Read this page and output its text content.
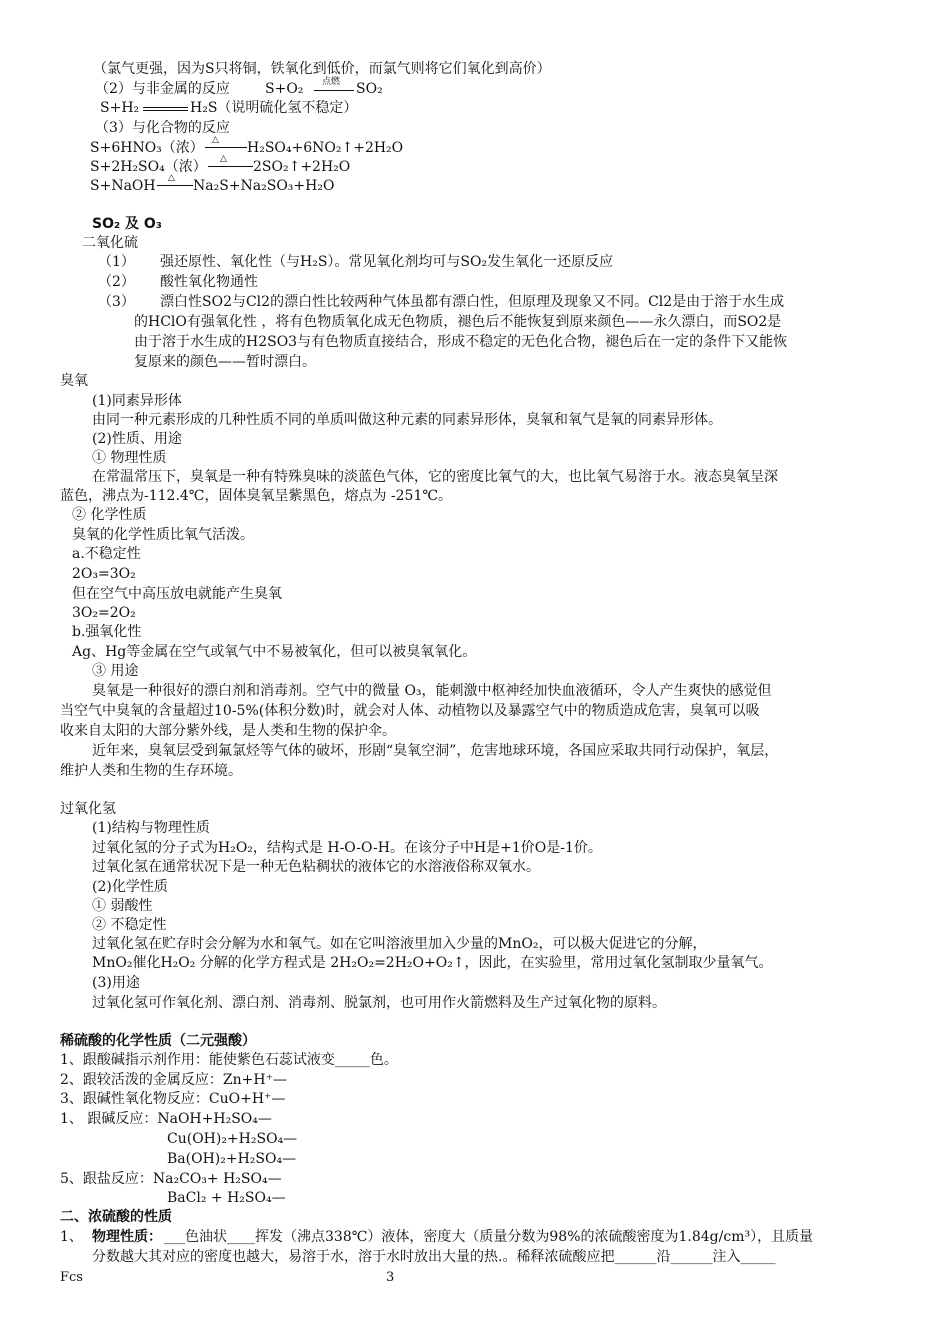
（氯气更强，因为S只将铜，铁氧化到低价，而氯气则将它们氧化到高价）
（2）与非金属的反应	S+O₂ 点燃 SO₂
S+H₂	H₂S（说明硫化氢不稳定）
（3）与化合物的反应
S+6HNO₃（浓） △ H₂SO₄+6NO₂↑+2H₂O
S+2H₂SO₄（浓） △ 2SO₂↑+2H₂O
S+NaOH △ Na₂S+Na₂SO₃+H₂O
SO₂ 及 O₃
二氧化硫
（1） 强还原性、氧化性（与H₂S）。常见氧化剂均可与SO₂发生氧化一还原反应
（2） 酸性氧化物通性
（3） 漂白性SO2与Cl2的漂白性比较两种气体虽都有漂白性，但原理及现象又不同。Cl2是由于溶于水生成
的HClO有强氧化性 ，将有色物质氧化成无色物质，褪色后不能恢复到原来颜色——永久漂白，而SO2是
由于溶于水生成的H2SO3与有色物质直接结合，形成不稳定的无色化合物，褪色后在一定的条件下又能恢
复原来的颜色——暂时漂白。
臭氧
(1)同素异形体
由同一种元素形成的几种性质不同的单质叫做这种元素的同素异形体，臭氧和氧气是氧的同素异形体。
(2)性质、用途
① 物理性质
在常温常压下，臭氧是一种有特殊臭味的淡蓝色气体，它的密度比氧气的大，也比氧气易溶于水。液态臭氧呈深
蓝色，沸点为-112.4℃，固体臭氧呈紫黑色，熔点为 -251℃。
② 化学性质
臭氧的化学性质比氧气活泼。
a.不稳定性
2O₃=3O₂
但在空气中高压放电就能产生臭氧
3O₂=2O₂
b.强氧化性
Ag、Hg等金属在空气或氧气中不易被氧化，但可以被臭氧氧化。
③ 用途
臭氧是一种很好的漂白剂和消毒剂。空气中的微量 O₃，能刺激中枢神经加快血液循环，令人产生爽快的感觉但
当空气中臭氧的含量超过10-5%(体积分数)时，就会对人体、动植物以及暴露空气中的物质造成危害，臭氧可以吸
收来自太阳的大部分紫外线，是人类和生物的保护伞。
近年来，臭氧层受到氟氯烃等气体的破坏，形剧“臭氧空洞”，危害地球环境，各国应采取共同行动保护，氧层，
维护人类和生物的生存环境。
过氧化氢
(1)结构与物理性质
过氧化氢的分子式为H₂O₂，结构式是 H-O-O-H。在该分子中H是+1价O是-1价。
过氧化氢在通常状况下是一种无色粘稠状的液体它的水溶液俗称双氧水。
(2)化学性质
① 弱酸性
② 不稳定性
过氧化氢在贮存时会分解为水和氧气。如在它叫溶液里加入少量的MnO₂，可以极大促进它的分解，
MnO₂催化H₂O₂ 分解的化学方程式是 2H₂O₂=2H₂O+O₂↑，因此，在实验里，常用过氧化氢制取少量氧气。
(3)用途
过氧化氢可作氧化剂、漂白剂、消毒剂、脱氯剂，也可用作火箭燃料及生产过氧化物的原料。
稀硫酸的化学性质（二元强酸）
1、跟酸碱指示剂作用：能使紫色石蕊试液变_____色。
2、跟较活泼的金属反应：Zn+H⁺—
3、跟碱性氧化物反应：CuO+H⁺—
1、 跟碱反应：NaOH+H₂SO₄—
Cu(OH)₂+H₂SO₄—
Ba(OH)₂+H₂SO₄—
5、跟盐反应：Na₂CO₃+ H₂SO₄—
BaCl₂ + H₂SO₄—
二、浓硫酸的性质
1、 物理性质： ___色油状____挥发（沸点338℃）液体，密度大（质量分数为98%的浓硫酸密度为1.84g/cm³），且质量
分数越大其对应的密度也越大，易溶于水，溶于水时放出大量的热.。稀释浓硫酸应把______沿______注入_____
Fcs	3
